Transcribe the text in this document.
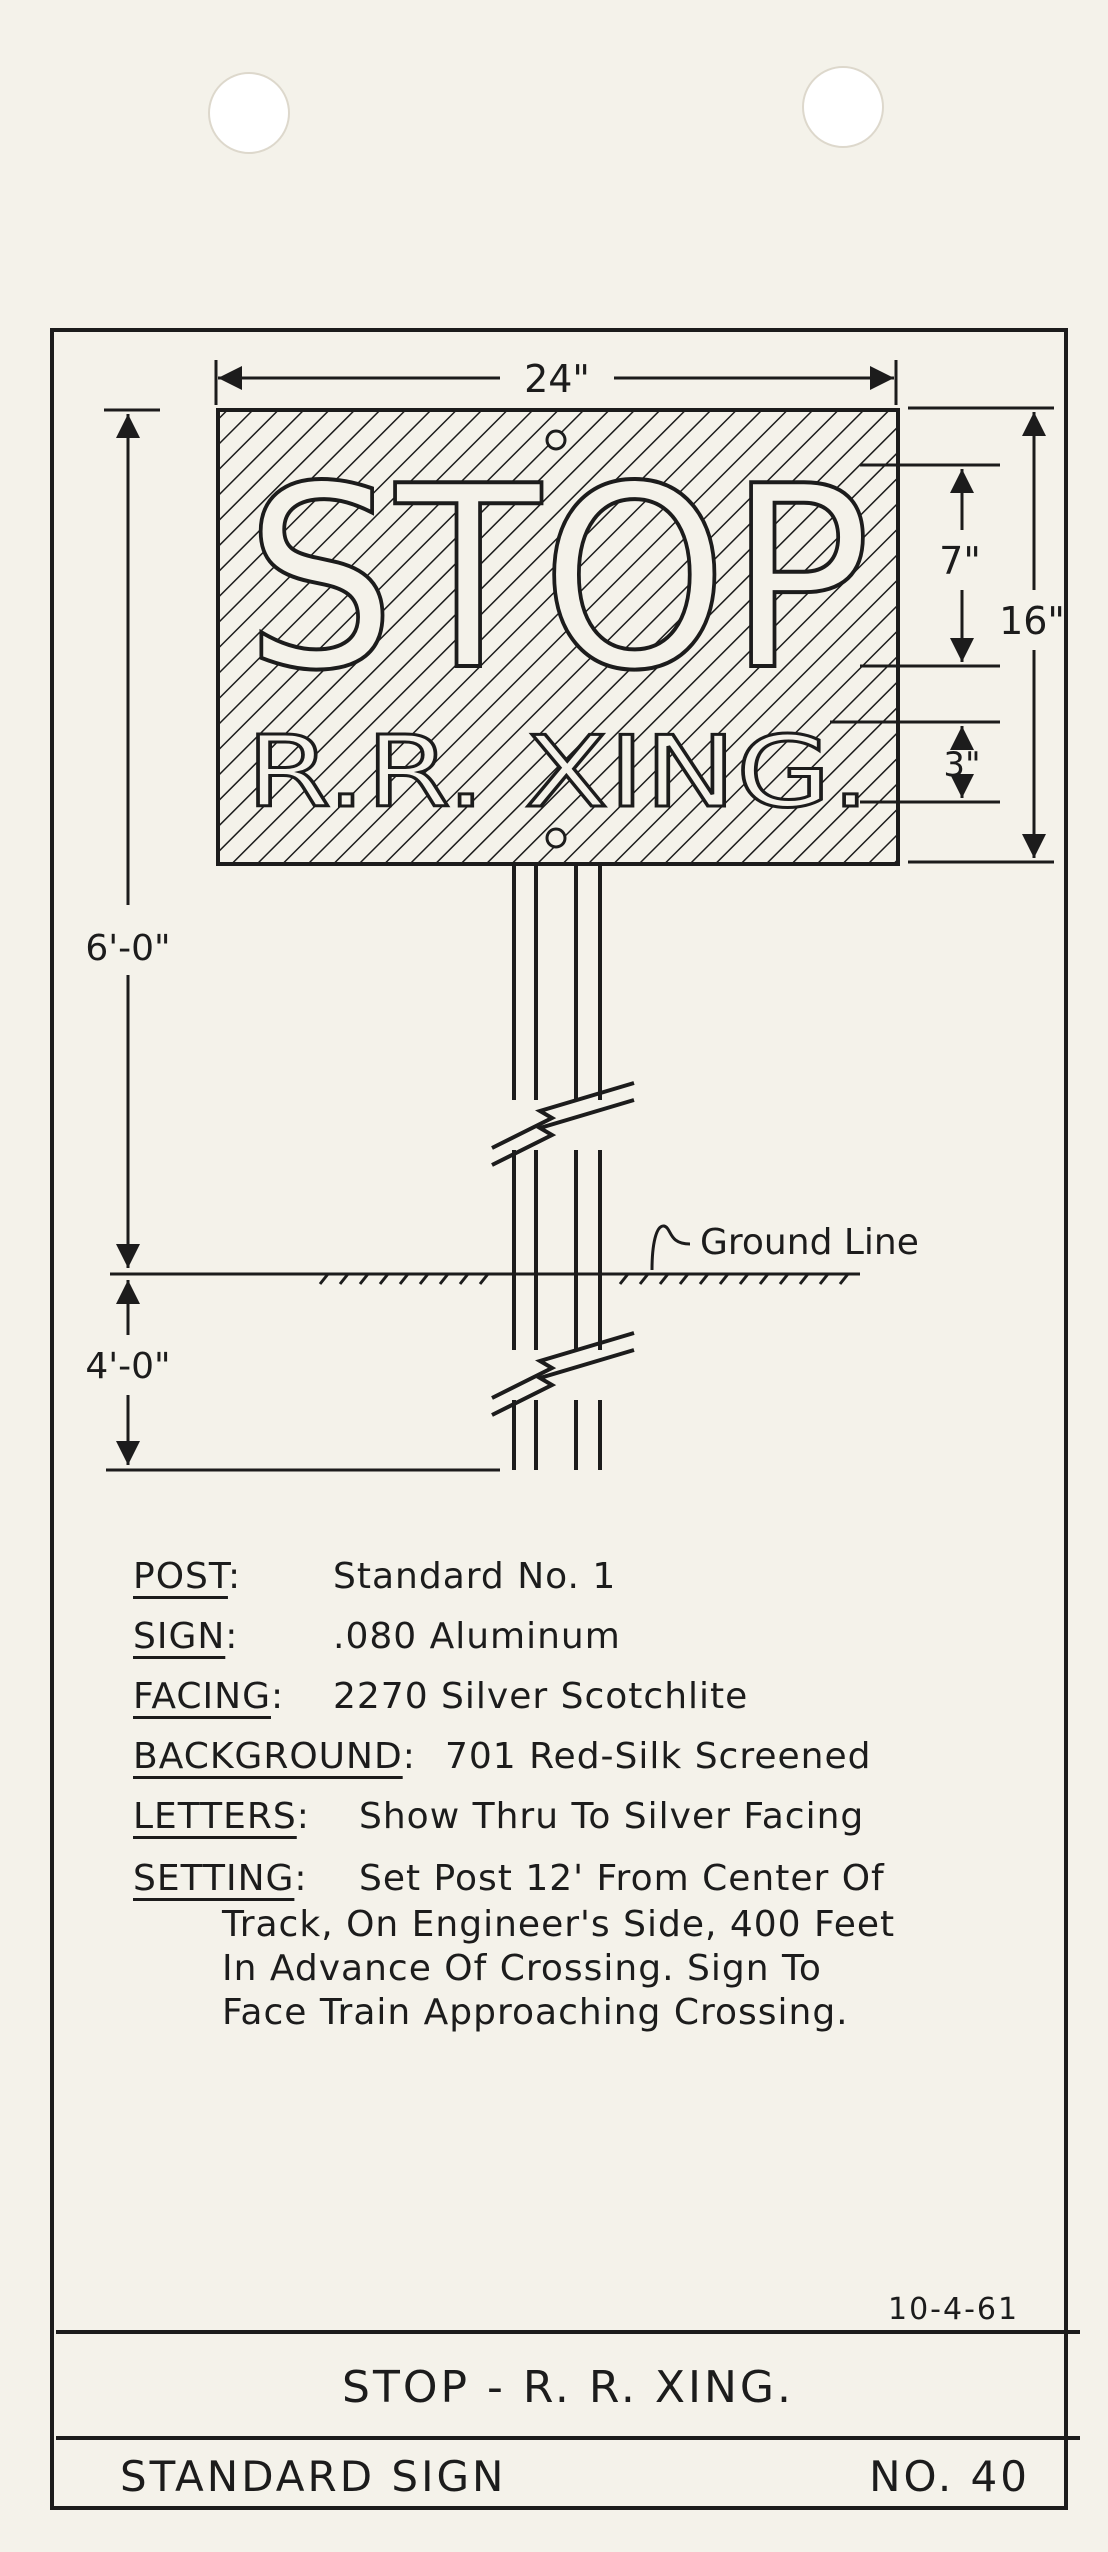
24"
STOP
R.R. XING.
16"
7"
3"
Ground Line
6'-0"
4'-0"
POST:	Standard No. 1
SIGN:	.080 Aluminum
FACING: 2270 Silver Scotchlite
BACKGROUND: 701 Red-Silk Screened
LETTERS: Show Thru To Silver Facing
SETTING: Set Post 12' From Center Of
Track, On Engineer's Side, 400 Feet
In Advance Of Crossing. Sign To
Face Train Approaching Crossing.
10-4-61
STOP - R. R. XING.
STANDARD SIGN	NO. 40
